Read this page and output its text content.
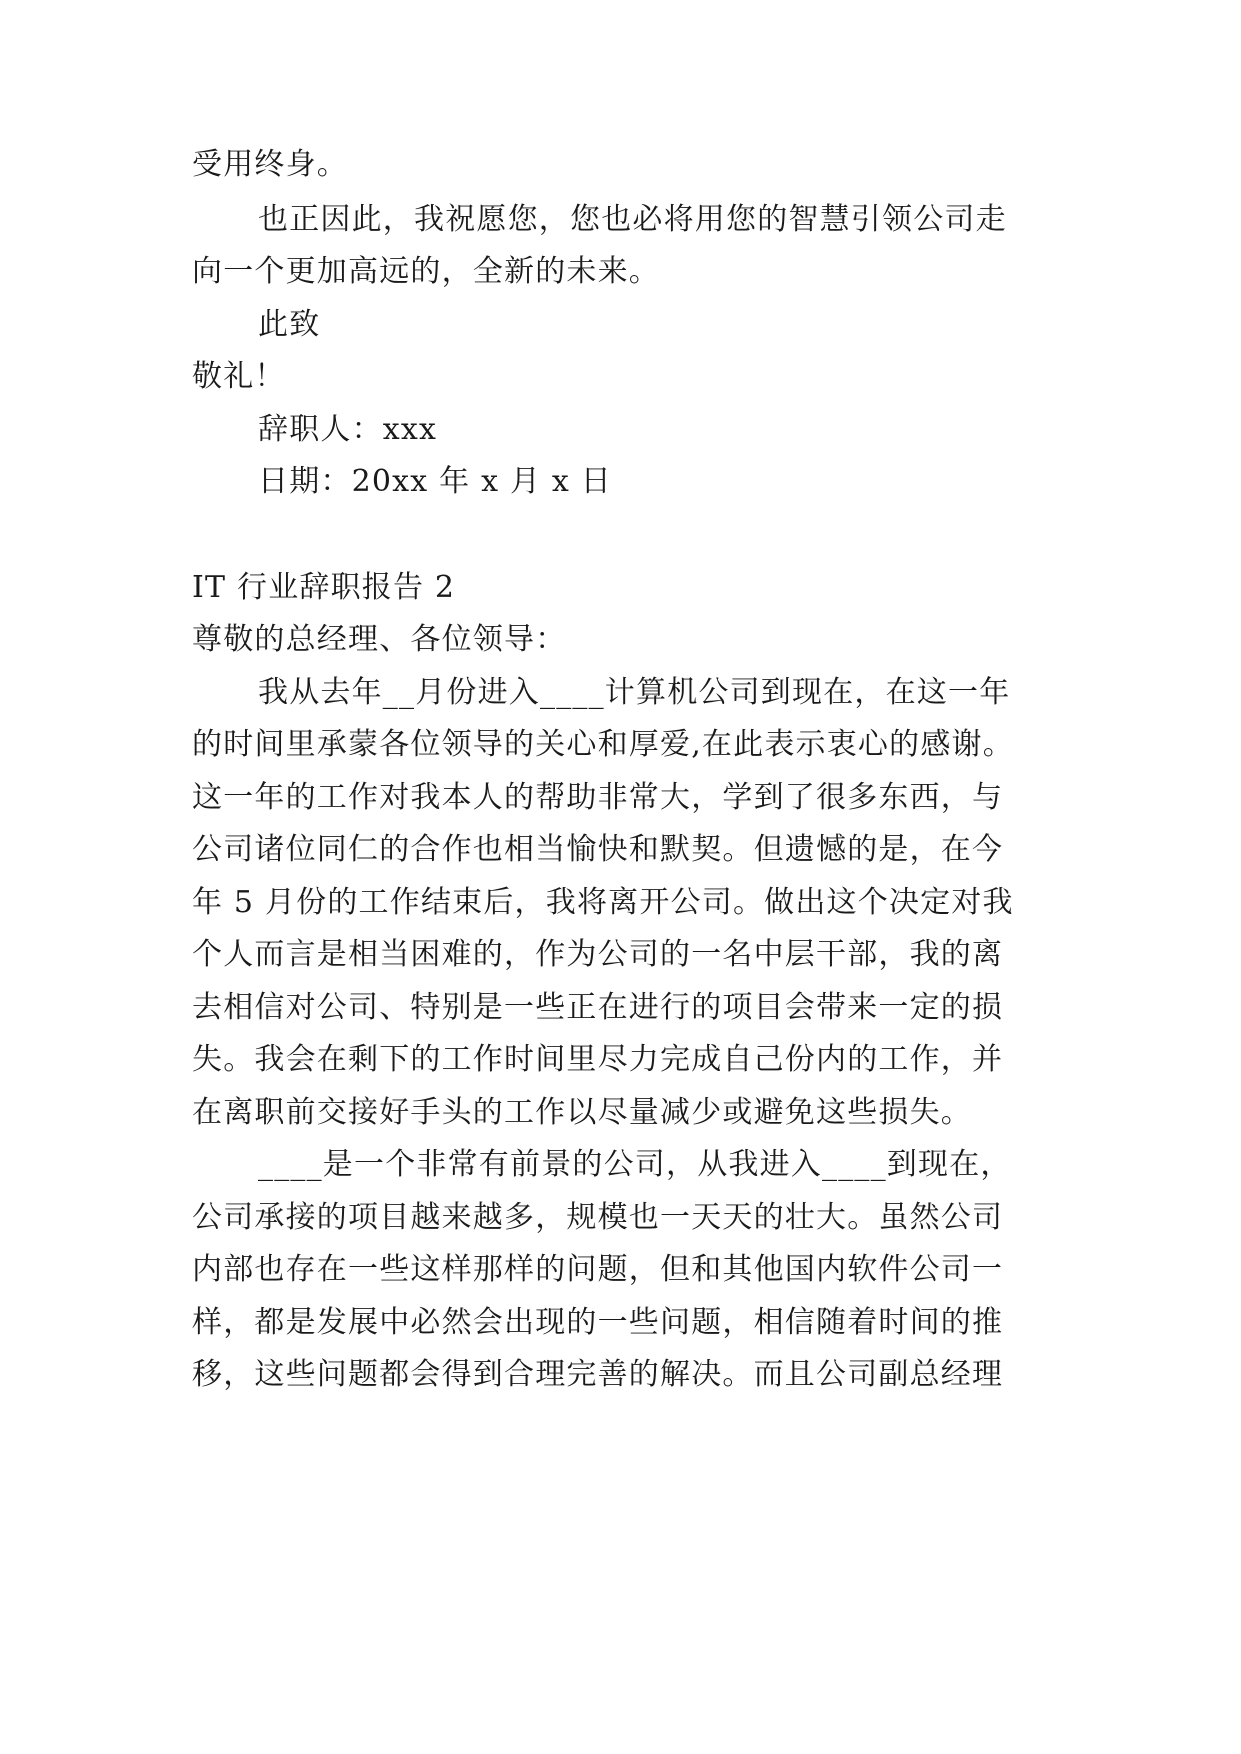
受用终身。
也正因此，我祝愿您，您也必将用您的智慧引领公司走
向一个更加高远的，全新的未来。
此致
敬礼！
辞职人：xxx
日期：20xx 年 x 月 x 日
IT 行业辞职报告 2
尊敬的总经理、各位领导：
我从去年__月份进入____计算机公司到现在，在这一年
的时间里承蒙各位领导的关心和厚爱,在此表示衷心的感谢。
这一年的工作对我本人的帮助非常大，学到了很多东西，与
公司诸位同仁的合作也相当愉快和默契。但遗憾的是，在今
年 5 月份的工作结束后，我将离开公司。做出这个决定对我
个人而言是相当困难的，作为公司的一名中层干部，我的离
去相信对公司、特别是一些正在进行的项目会带来一定的损
失。我会在剩下的工作时间里尽力完成自己份内的工作，并
在离职前交接好手头的工作以尽量减少或避免这些损失。
____是一个非常有前景的公司，从我进入____到现在，
公司承接的项目越来越多，规模也一天天的壮大。虽然公司
内部也存在一些这样那样的问题，但和其他国内软件公司一
样，都是发展中必然会出现的一些问题，相信随着时间的推
移，这些问题都会得到合理完善的解决。而且公司副总经理
